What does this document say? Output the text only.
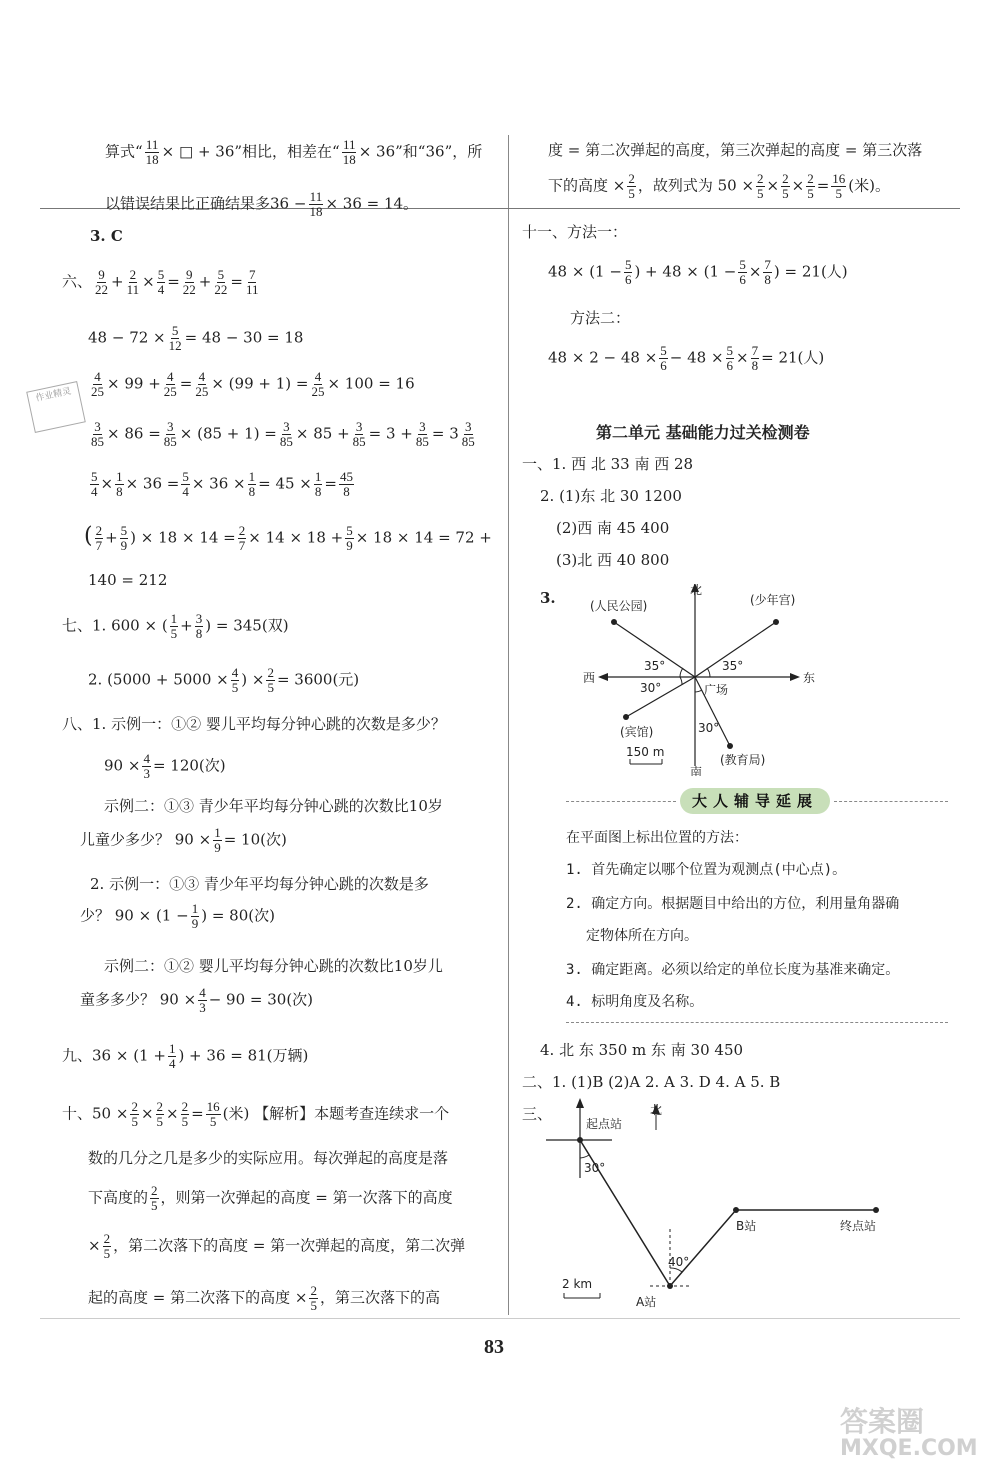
算式“ $\frac{11}{18}$ × □ + 36”相比，相差在“ $\frac{11}{18} \times 36$”和“36”，所
以错误结果比正确结果多$36 - \frac{11}{18} \times 36 = 14$。
3. C
六、 $\frac{9}{22} + \frac{2}{11} \times \frac{5}{4} = \frac{9}{22} + \frac{5}{22} = \frac{7}{11}$
$48 - 72 \times \frac{5}{12} = 48 - 30 = 18$
$\frac{4}{25} \times 99 + \frac{4}{25} = \frac{4}{25} \times (99 + 1) = \frac{4}{25} \times 100 = 16$
$\frac{3}{85} \times 86 = \frac{3}{85} \times (85 + 1) = \frac{3}{85} \times 85 + \frac{3}{85} = 3 + \frac{3}{85} = 3 \frac{3}{85}$
$\frac{5}{4} \times \frac{1}{8} \times 36 = \frac{5}{4} \times 36 \times \frac{1}{8} = 45 \times \frac{1}{8} = \frac{45}{8}$
( $\frac{2}{7} + \frac{5}{9}$ ) × $18 \times 14 = \frac{2}{7} \times 14 \times 18 + \frac{5}{9} \times 18 \times 14 = 72$ +
140 = 212
七、1. 600 × ( $\frac{1}{5} + \frac{3}{8}$ ) = 345(双)
2. ($5000 + 5000 \times \frac{4}{5}$ ) × $\frac{2}{5} = 3600$(元)
八、1. 示例一：①② 婴儿平均每分钟心跳的次数是多少？
$90 \times \frac{4}{3} = 120$(次)
示例二：①③ 青少年平均每分钟心跳的次数比10岁
儿童少多少？ $90 \times \frac{1}{9} = 10$(次)
2. 示例一：①③ 青少年平均每分钟心跳的次数是多
少？ $90 \times (1 - \frac{1}{9}$ ) = 80(次)
示例二：①② 婴儿平均每分钟心跳的次数比10岁儿
童多多少？ $90 \times \frac{4}{3} - 90 = 30$(次)
九、$36 \times (1 + \frac{1}{4}$ ) + 36 = 81(万辆)
十、$50 \times \frac{2}{5} \times \frac{2}{5} \times \frac{2}{5} = \frac{16}{5}$ (米) 【解析】本题考查连续求一个
数的几分之几是多少的实际应用。每次弹起的高度是落
下高度的 $\frac{2}{5}$ ，则第一次弹起的高度 = 第一次落下的高度
× $\frac{2}{5}$ ，第二次落下的高度 = 第一次弹起的高度，第二次弹
起的高度 = 第二次落下的高度 × $\frac{2}{5}$ ，第三次落下的高
作业精灵
度 = 第二次弹起的高度，第三次弹起的高度 = 第三次落
下的高度 × $\frac{2}{5}$ ，故列式为 $50 \times \frac{2}{5} \times \frac{2}{5} \times \frac{2}{5} = \frac{16}{5}$ (米)。
十一、方法一：
$48 \times (1 - \frac{5}{6}$ ) + $48 \times (1 - \frac{5}{6} \times \frac{7}{8}$ ) = 21(人)
方法二：
$48 \times 2 - 48 \times \frac{5}{6} - 48 \times \frac{5}{6} \times \frac{7}{8} = 21$(人)
第二单元 基础能力过关检测卷
一、1. 西 北 33 南 西 28
2. (1)东 北 30 1200
(2)西 南 45 400
(3)北 西 40 800
3.	北
南
东
西
(人民公园)	(少年宫)
(宾馆)
(教育局)
广场
35°	35°
30°
30°
150 m
大人辅导延展
在平面图上标出位置的方法：
1. 首先确定以哪个位置为观测点(中心点)。
2. 确定方向。根据题目中给出的方位，利用量角器确
定物体所在方向。
3. 确定距离。必须以给定的单位长度为基准来确定。
4. 标明角度及名称。
4. 北 东 350 m 东 南 30 450
二、1. (1)B (2)A 2. A 3. D 4. A 5. B
三、	北
起点站
30°
40°
B站	终点站
A站
2 km
83
答案圈
MXQE.COM
